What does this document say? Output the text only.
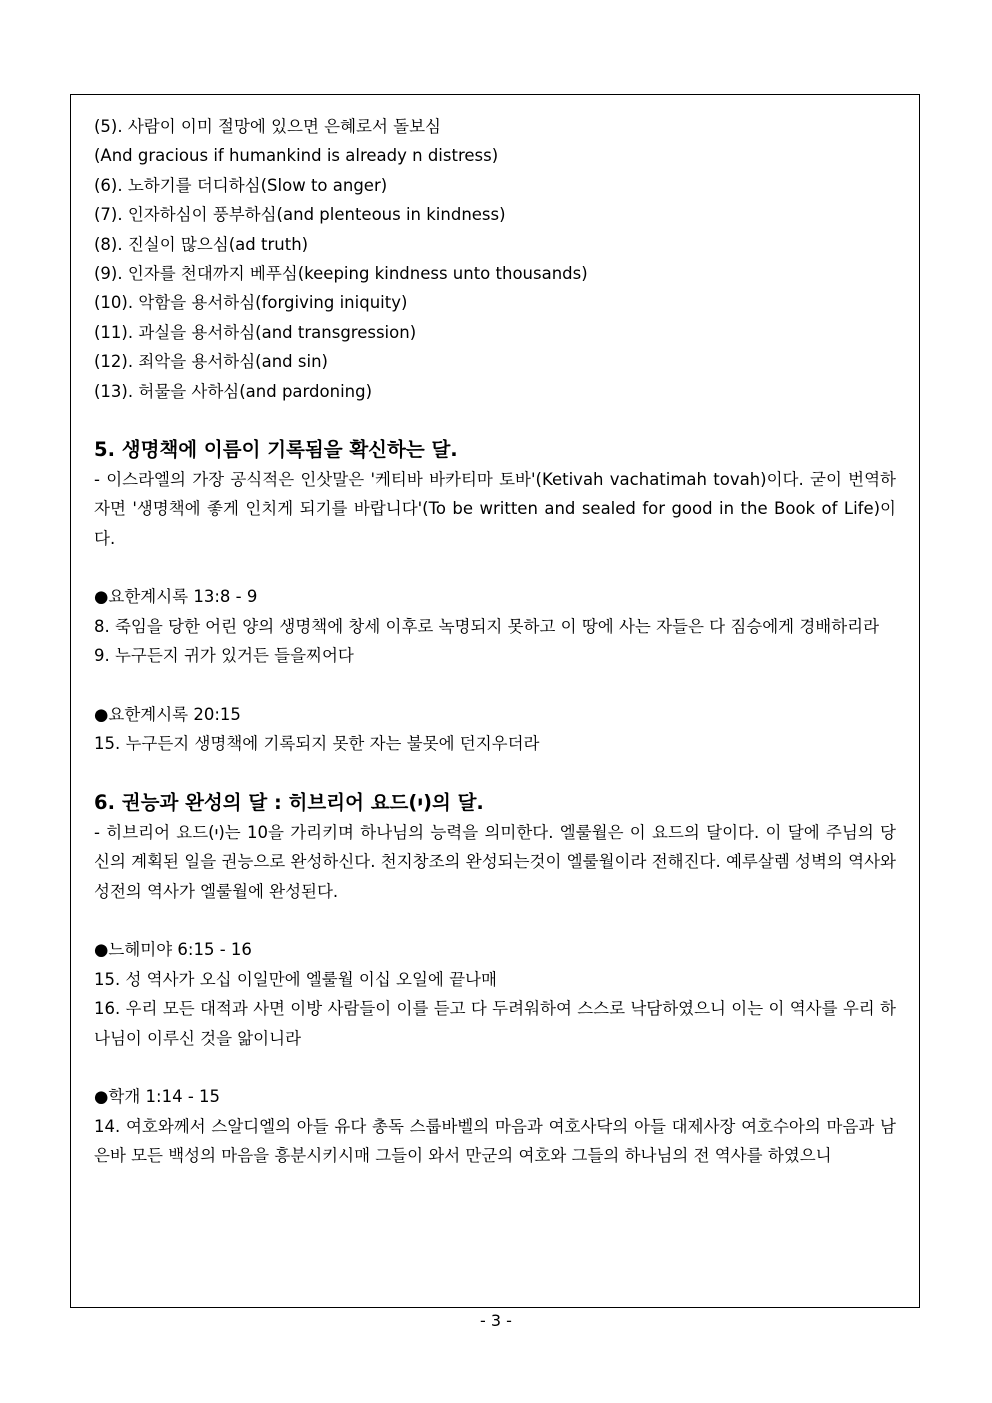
(5). 사람이 이미 절망에 있으면 은혜로서 돌보심
(And gracious if humankind is already n distress)
(6). 노하기를 더디하심(Slow to anger)
(7). 인자하심이 풍부하심(and plenteous in kindness)
(8). 진실이 많으심(ad truth)
(9). 인자를 천대까지 베푸심(keeping kindness unto thousands)
(10). 악함을 용서하심(forgiving iniquity)
(11). 과실을 용서하심(and transgression)
(12). 죄악을 용서하심(and sin)
(13). 허물을 사하심(and pardoning)
5. 생명책에 이름이 기록됨을 확신하는 달.
- 이스라엘의 가장 공식적은 인삿말은 '케티바 바카티마 토바'(Ketivah vachatimah tovah)이다. 굳이 번역하자면 '생명책에 좋게 인치게 되기를 바랍니다'(To be written and sealed for good in the Book of Life)이다.
●요한계시록 13:8 - 9
8. 죽임을 당한 어린 양의 생명책에 창세 이후로 녹명되지 못하고 이 땅에 사는 자들은 다 짐승에게 경배하리라
9. 누구든지 귀가 있거든 들을찌어다
●요한계시록 20:15
15. 누구든지 생명책에 기록되지 못한 자는 불못에 던지우더라
6. 권능과 완성의 달 : 히브리어 요드(י)의 달.
- 히브리어 요드(י)는 10을 가리키며 하나님의 능력을 의미한다. 엘룰월은 이 요드의 달이다. 이 달에 주님의 당신의 계획된 일을 권능으로 완성하신다. 천지창조의 완성되는것이 엘룰월이라 전해진다. 예루살렘 성벽의 역사와 성전의 역사가 엘룰월에 완성된다.
●느헤미야 6:15 - 16
15. 성 역사가 오십 이일만에 엘룰월 이십 오일에 끝나매
16. 우리 모든 대적과 사면 이방 사람들이 이를 듣고 다 두려워하여 스스로 낙담하였으니 이는 이 역사를 우리 하나님이 이루신 것을 앎이니라
●학개 1:14 - 15
14. 여호와께서 스알디엘의 아들 유다 총독 스룹바벨의 마음과 여호사닥의 아들 대제사장 여호수아의 마음과 남은바 모든 백성의 마음을 흥분시키시매 그들이 와서 만군의 여호와 그들의 하나님의 전 역사를 하였으니
- 3 -
